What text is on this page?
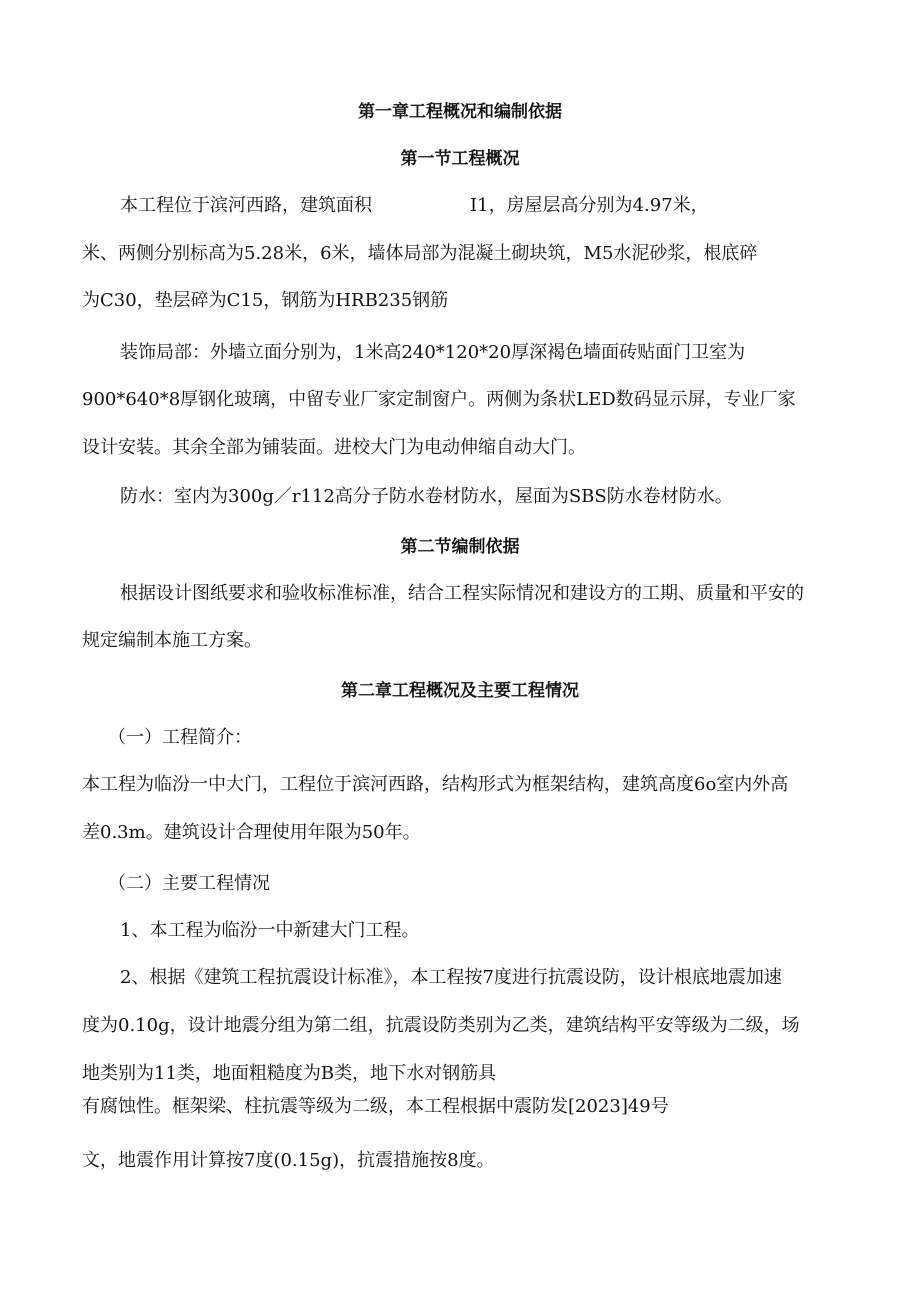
第一章工程概况和编制依据
第一节工程概况
本工程位于滨河西路，建筑面积	I1，房屋层高分别为4.97米，
米、两侧分别标高为5.28米，6米，墙体局部为混凝土砌块筑，M5水泥砂浆，根底碎
为C30，垫层碎为C15，钢筋为HRB235钢筋
装饰局部：外墙立面分别为，1米高240*120*20厚深褐色墙面砖贴面门卫室为
900*640*8厚钢化玻璃，中留专业厂家定制窗户。两侧为条状LED数码显示屏，专业厂家
设计安装。其余全部为铺装面。进校大门为电动伸缩自动大门。
防水：室内为300g／r112高分子防水卷材防水，屋面为SBS防水卷材防水。
第二节编制依据
根据设计图纸要求和验收标准标准，结合工程实际情况和建设方的工期、质量和平安的
规定编制本施工方案。
第二章工程概况及主要工程情况
（一）工程简介：
本工程为临汾一中大门，工程位于滨河西路，结构形式为框架结构，建筑高度6o室内外高
差0.3m。建筑设计合理使用年限为50年。
（二）主要工程情况
1、本工程为临汾一中新建大门工程。
2、根据《建筑工程抗震设计标准》，本工程按7度进行抗震设防，设计根底地震加速
度为0.10g，设计地震分组为第二组，抗震设防类别为乙类，建筑结构平安等级为二级，场
地类别为11类，地面粗糙度为B类，地下水对钢筋具
有腐蚀性。框架梁、柱抗震等级为二级，本工程根据中震防发[2023]49号
文，地震作用计算按7度(0.15g)，抗震措施按8度。
